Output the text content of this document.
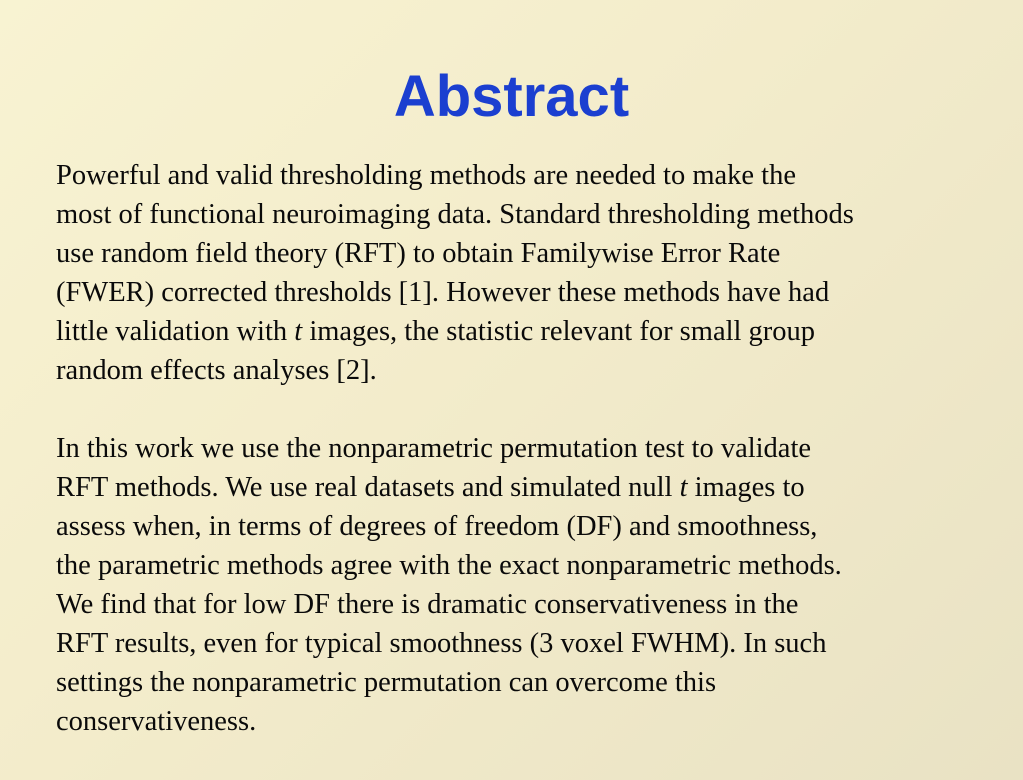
Abstract

Powerful and valid thresholding methods are needed to make the
most of functional neuroimaging data. Standard thresholding methods
use random field theory (RFT) to obtain Familywise Error Rate
(FWER) corrected thresholds [1]. However these methods have had
little validation with t images, the statistic relevant for small group
random effects analyses [2].

In this work we use the nonparametric permutation test to validate
RFT methods. We use real datasets and simulated null t images to
assess when, in terms of degrees of freedom (DF) and smoothness,
the parametric methods agree with the exact nonparametric methods.
We find that for low DF there is dramatic conservativeness in the
RFT results, even for typical smoothness (3 voxel FWHM). In such
settings the nonparametric permutation can overcome this
conservativeness.
